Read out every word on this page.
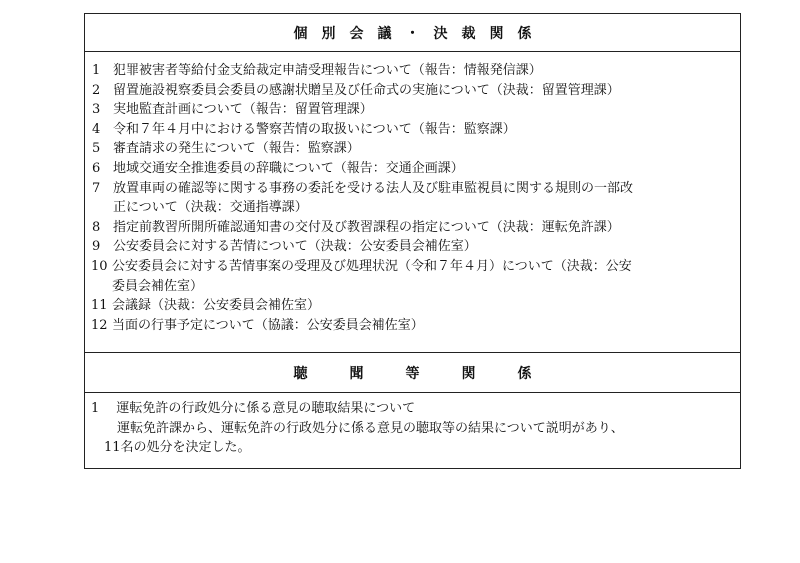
個　別　会　議　・　決　裁　関　係
1 犯罪被害者等給付金支給裁定申請受理報告について（報告：情報発信課）
2 留置施設視察委員会委員の感謝状贈呈及び任命式の実施について（決裁：留置管理課）
3 実地監査計画について（報告：留置管理課）
4 令和７年４月中における警察苦情の取扱いについて（報告：監察課）
5 審査請求の発生について（報告：監察課）
6 地域交通安全推進委員の辞職について（報告：交通企画課）
7 放置車両の確認等に関する事務の委託を受ける法人及び駐車監視員に関する規則の一部改
正について（決裁：交通指導課）
8 指定前教習所開所確認通知書の交付及び教習課程の指定について（決裁：運転免許課）
9 公安委員会に対する苦情について（決裁：公安委員会補佐室）
10 公安委員会に対する苦情事案の受理及び処理状況（令和７年４月）について（決裁：公安
委員会補佐室）
11 会議録（決裁：公安委員会補佐室）
12 当面の行事予定について（協議：公安委員会補佐室）
聴　　　聞　　　等　　　関　　　係
1　 運転免許の行政処分に係る意見の聴取結果について
　　運転免許課から、運転免許の行政処分に係る意見の聴取等の結果について説明があり、
　11名の処分を決定した。
